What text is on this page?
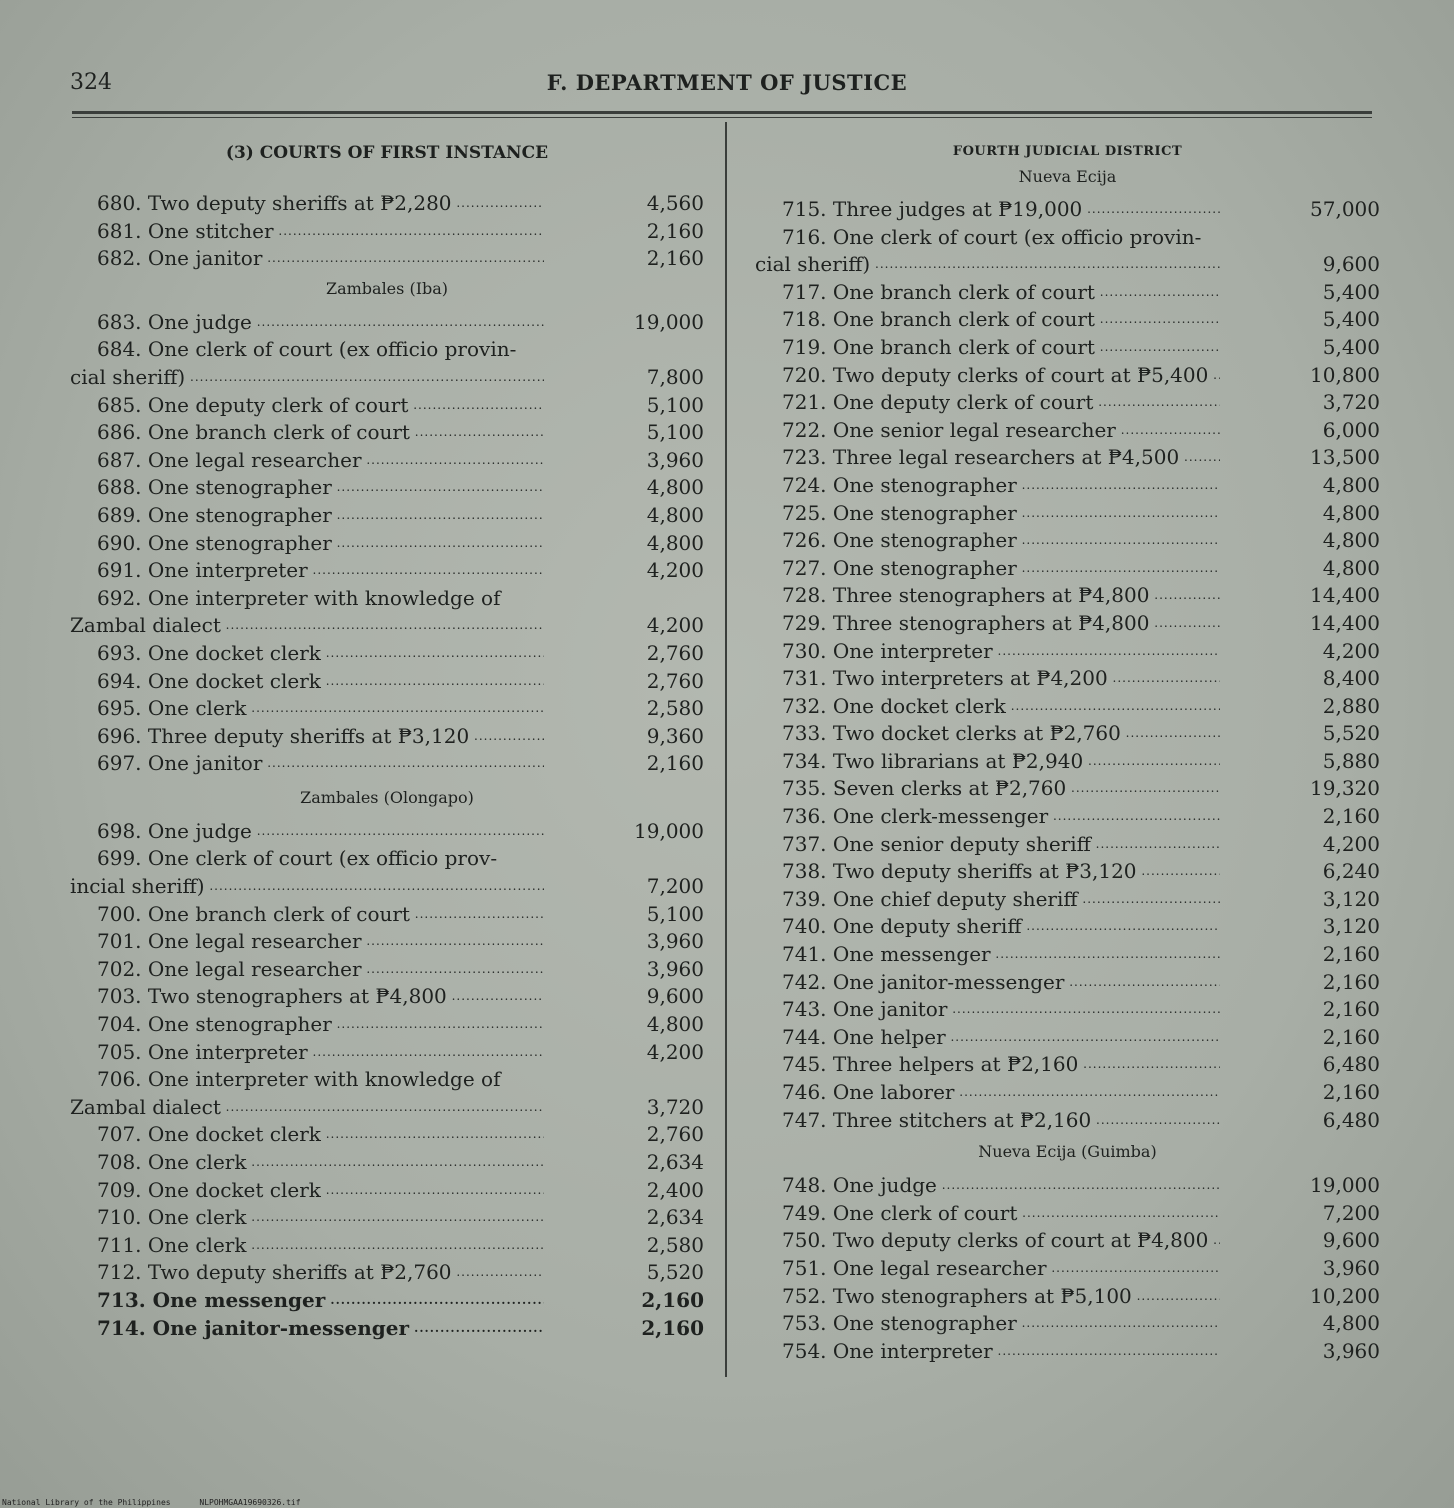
324	F. DEPARTMENT OF JUSTICE
(3) COURTS OF FIRST INSTANCE
680. Two deputy sheriffs at ₱2,280 .....	4,560
681. One stitcher .....	2,160
682. One janitor .....	2,160
Zambales (Iba)
683. One judge .....	19,000
684. One clerk of court (ex officio provin-
cial sheriff) .....	7,800
685. One deputy clerk of court .....	5,100
686. One branch clerk of court .....	5,100
687. One legal researcher .....	3,960
688. One stenographer .....	4,800
689. One stenographer .....	4,800
690. One stenographer .....	4,800
691. One interpreter .....	4,200
692. One interpreter with knowledge of
Zambal dialect .....	4,200
693. One docket clerk .....	2,760
694. One docket clerk .....	2,760
695. One clerk .....	2,580
696. Three deputy sheriffs at ₱3,120 .....	9,360
697. One janitor .....	2,160
Zambales (Olongapo)
698. One judge .....	19,000
699. One clerk of court (ex officio prov-
incial sheriff) .....	7,200
700. One branch clerk of court .....	5,100
701. One legal researcher .....	3,960
702. One legal researcher .....	3,960
703. Two stenographers at ₱4,800 .....	9,600
704. One stenographer .....	4,800
705. One interpreter .....	4,200
706. One interpreter with knowledge of
Zambal dialect .....	3,720
707. One docket clerk .....	2,760
708. One clerk .....	2,634
709. One docket clerk .....	2,400
710. One clerk .....	2,634
711. One clerk .....	2,580
712. Two deputy sheriffs at ₱2,760 .....	5,520
713. One messenger .....	2,160
714. One janitor-messenger .....	2,160
FOURTH JUDICIAL DISTRICT
Nueva Ecija
715. Three judges at ₱19,000 .....	57,000
716. One clerk of court (ex officio provin-
cial sheriff) .....	9,600
717. One branch clerk of court .....	5,400
718. One branch clerk of court .....	5,400
719. One branch clerk of court .....	5,400
720. Two deputy clerks of court at ₱5,400 .....	10,800
721. One deputy clerk of court .....	3,720
722. One senior legal researcher .....	6,000
723. Three legal researchers at ₱4,500 .....	13,500
724. One stenographer .....	4,800
725. One stenographer .....	4,800
726. One stenographer .....	4,800
727. One stenographer .....	4,800
728. Three stenographers at ₱4,800 .....	14,400
729. Three stenographers at ₱4,800 .....	14,400
730. One interpreter .....	4,200
731. Two interpreters at ₱4,200 .....	8,400
732. One docket clerk .....	2,880
733. Two docket clerks at ₱2,760 .....	5,520
734. Two librarians at ₱2,940 .....	5,880
735. Seven clerks at ₱2,760 .....	19,320
736. One clerk-messenger .....	2,160
737. One senior deputy sheriff .....	4,200
738. Two deputy sheriffs at ₱3,120 .....	6,240
739. One chief deputy sheriff .....	3,120
740. One deputy sheriff .....	3,120
741. One messenger .....	2,160
742. One janitor-messenger .....	2,160
743. One janitor .....	2,160
744. One helper .....	2,160
745. Three helpers at ₱2,160 .....	6,480
746. One laborer .....	2,160
747. Three stitchers at ₱2,160 .....	6,480
Nueva Ecija (Guimba)
748. One judge .....	19,000
749. One clerk of court .....	7,200
750. Two deputy clerks of court at ₱4,800 .....	9,600
751. One legal researcher .....	3,960
752. Two stenographers at ₱5,100 .....	10,200
753. One stenographer .....	4,800
754. One interpreter .....	3,960
National Library of the Philippines	NLPOHMGAA19690326.tif
